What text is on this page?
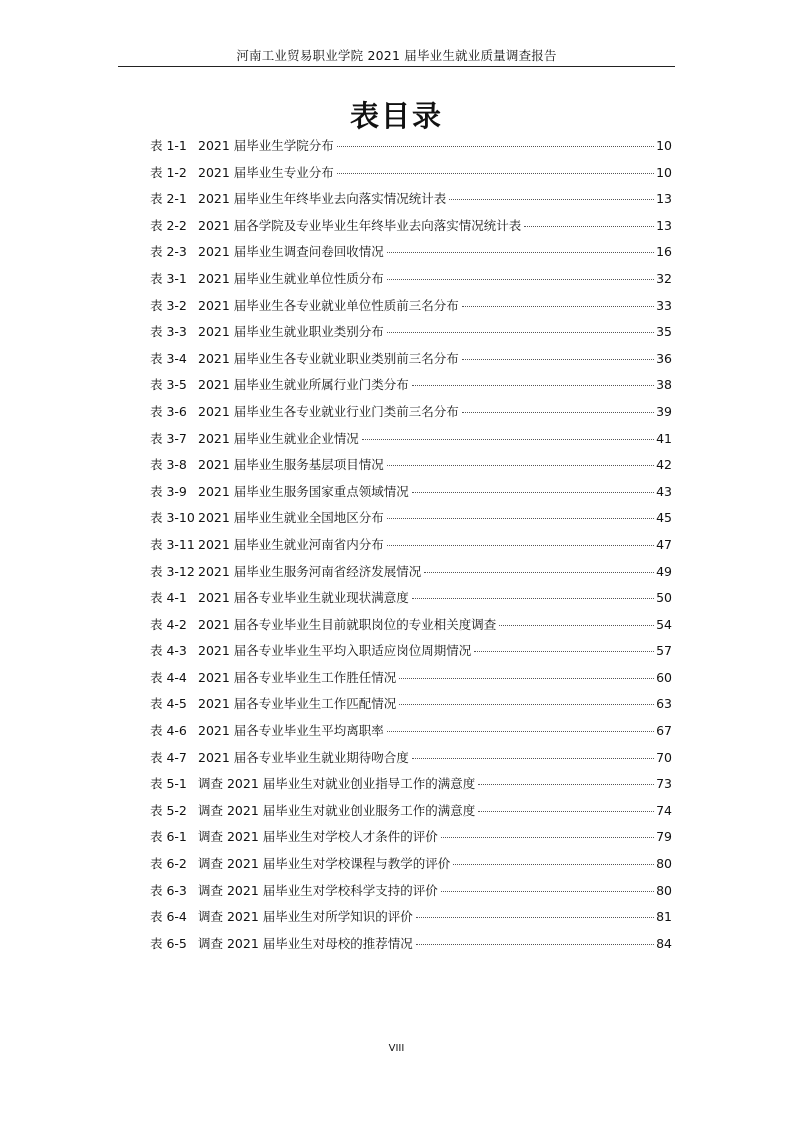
河南工业贸易职业学院 2021 届毕业生就业质量调查报告
表目录
表 1-1 2021 届毕业生学院分布	10
表 1-2 2021 届毕业生专业分布	10
表 2-1 2021 届毕业生年终毕业去向落实情况统计表	13
表 2-2 2021 届各学院及专业毕业生年终毕业去向落实情况统计表	13
表 2-3 2021 届毕业生调查问卷回收情况	16
表 3-1 2021 届毕业生就业单位性质分布	32
表 3-2 2021 届毕业生各专业就业单位性质前三名分布	33
表 3-3 2021 届毕业生就业职业类别分布	35
表 3-4 2021 届毕业生各专业就业职业类别前三名分布	36
表 3-5 2021 届毕业生就业所属行业门类分布	38
表 3-6 2021 届毕业生各专业就业行业门类前三名分布	39
表 3-7 2021 届毕业生就业企业情况	41
表 3-8 2021 届毕业生服务基层项目情况	42
表 3-9 2021 届毕业生服务国家重点领域情况	43
表 3-10 2021 届毕业生就业全国地区分布	45
表 3-11 2021 届毕业生就业河南省内分布	47
表 3-12 2021 届毕业生服务河南省经济发展情况	49
表 4-1 2021 届各专业毕业生就业现状满意度	50
表 4-2 2021 届各专业毕业生目前就职岗位的专业相关度调查	54
表 4-3 2021 届各专业毕业生平均入职适应岗位周期情况	57
表 4-4 2021 届各专业毕业生工作胜任情况	60
表 4-5 2021 届各专业毕业生工作匹配情况	63
表 4-6 2021 届各专业毕业生平均离职率	67
表 4-7 2021 届各专业毕业生就业期待吻合度	70
表 5-1 调查 2021 届毕业生对就业创业指导工作的满意度	73
表 5-2 调查 2021 届毕业生对就业创业服务工作的满意度	74
表 6-1 调查 2021 届毕业生对学校人才条件的评价	79
表 6-2 调查 2021 届毕业生对学校课程与教学的评价	80
表 6-3 调查 2021 届毕业生对学校科学支持的评价	80
表 6-4 调查 2021 届毕业生对所学知识的评价	81
表 6-5 调查 2021 届毕业生对母校的推荐情况	84
VIII
